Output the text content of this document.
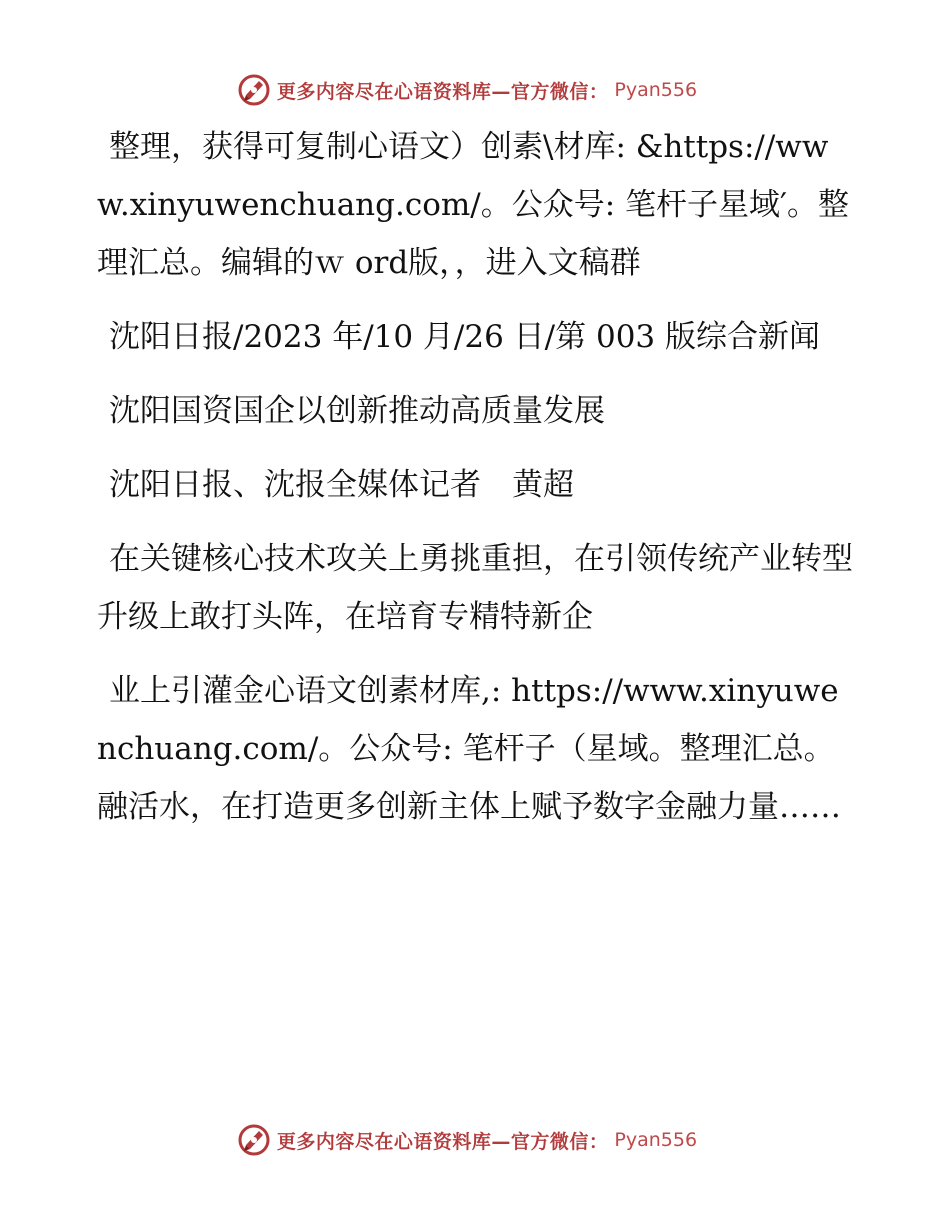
更多内容尽在心语资料库—官方微信： Pyan556

整理，获得可复制心语文）创素\材库: &https://www.xinyuwenchuang.com/。公众号: 笔杆子星域′。整理汇总。编辑的ｗ ord版，，进入文稿群

沈阳日报/2023 年/10 月/26 日/第 003 版综合新闻

沈阳国资国企以创新推动高质量发展

沈阳日报、沈报全媒体记者　黄超

在关键核心技术攻关上勇挑重担，在引领传统产业转型升级上敢打头阵，在培育专精特新企

业上引灌金心语文创素材库,: https://www.xinyuwenchuang.com/。公众号: 笔杆子（星域。整理汇总。融活水，在打造更多创新主体上赋予数字金融力量……

更多内容尽在心语资料库—官方微信： Pyan556
